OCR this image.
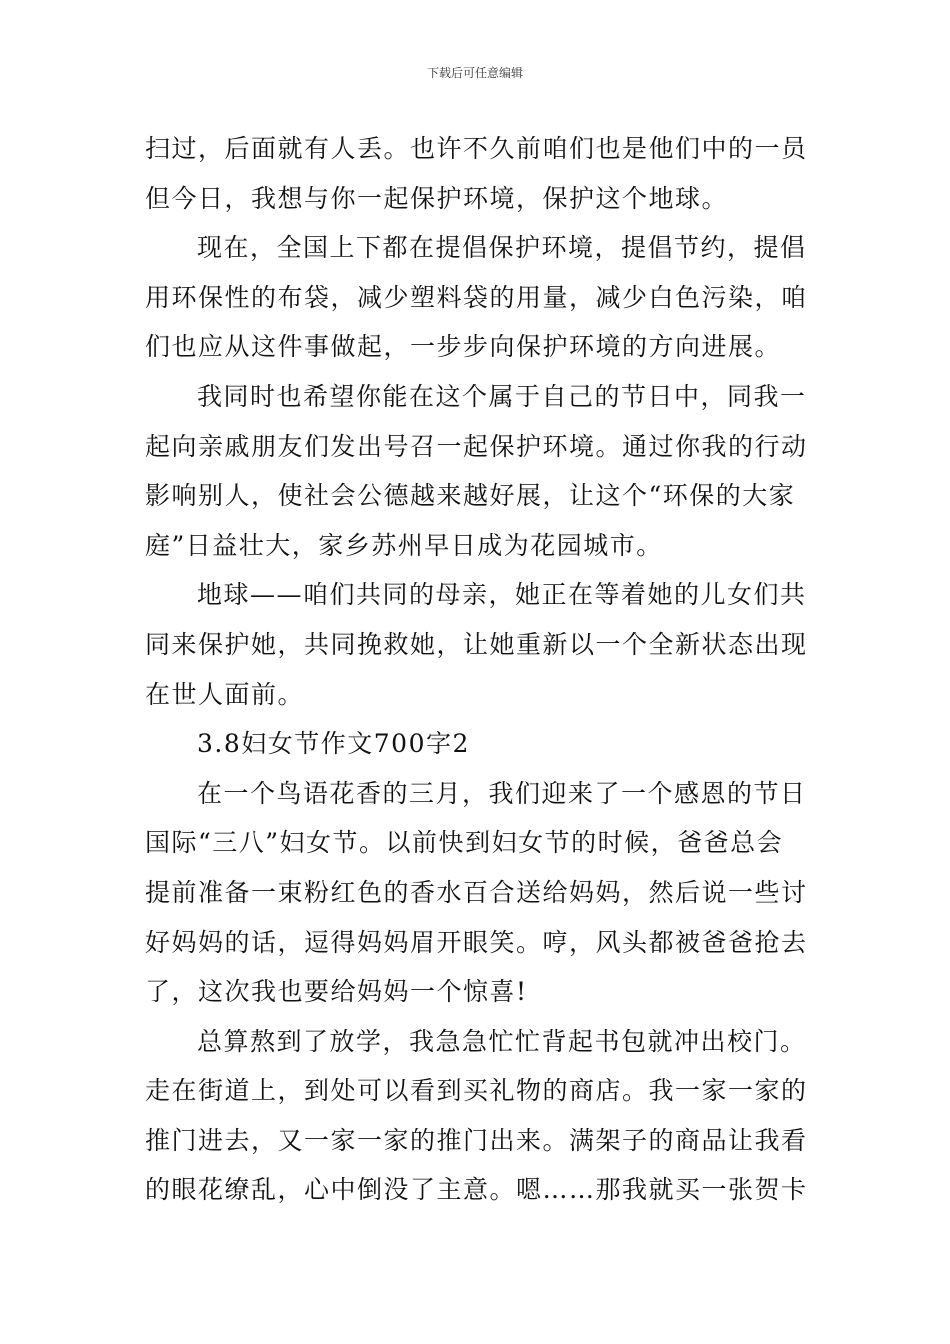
下载后可任意编辑
扫过，后面就有人丢。也许不久前咱们也是他们中的一员
但今日，我想与你一起保护环境，保护这个地球。
现在，全国上下都在提倡保护环境，提倡节约，提倡
用环保性的布袋，减少塑料袋的用量，减少白色污染，咱
们也应从这件事做起，一步步向保护环境的方向进展。
我同时也希望你能在这个属于自己的节日中，同我一
起向亲戚朋友们发出号召一起保护环境。通过你我的行动
影响别人，使社会公德越来越好展，让这个“环保的大家
庭”日益壮大，家乡苏州早日成为花园城市。
地球——咱们共同的母亲，她正在等着她的儿女们共
同来保护她，共同挽救她，让她重新以一个全新状态出现
在世人面前。
3.8妇女节作文700字2
在一个鸟语花香的三月，我们迎来了一个感恩的节日
国际“三八”妇女节。以前快到妇女节的时候，爸爸总会
提前准备一束粉红色的香水百合送给妈妈，然后说一些讨
好妈妈的话，逗得妈妈眉开眼笑。哼，风头都被爸爸抢去
了，这次我也要给妈妈一个惊喜!
总算熬到了放学，我急急忙忙背起书包就冲出校门。
走在街道上，到处可以看到买礼物的商店。我一家一家的
推门进去，又一家一家的推门出来。满架子的商品让我看
的眼花缭乱，心中倒没了主意。嗯……那我就买一张贺卡
